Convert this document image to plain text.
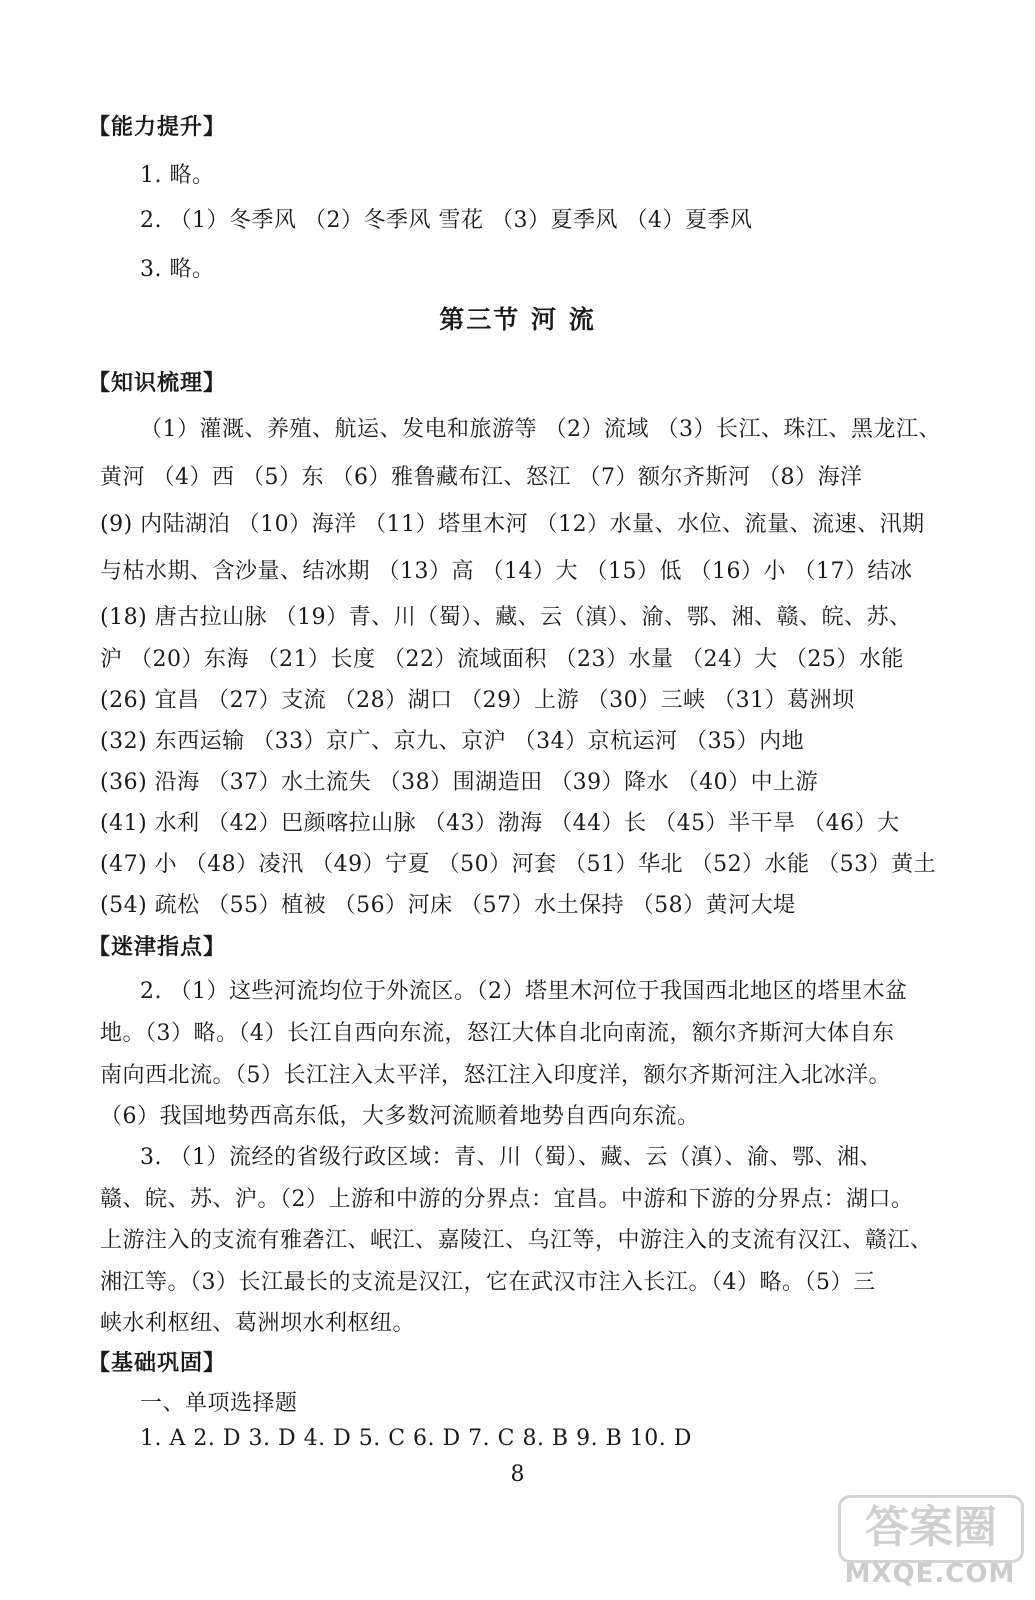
【能力提升】
1. 略。
2. （1）冬季风 （2）冬季风 雪花 （3）夏季风 （4）夏季风
3. 略。
第三节 河 流
【知识梳理】
（1）灌溉、养殖、航运、发电和旅游等 （2）流域 （3）长江、珠江、黑龙江、
黄河 （4）西 （5）东 （6）雅鲁藏布江、怒江 （7）额尔齐斯河 （8）海洋
(9) 内陆湖泊 （10）海洋 （11）塔里木河 （12）水量、水位、流量、流速、汛期
与枯水期、含沙量、结冰期 （13）高 （14）大 （15）低 （16）小 （17）结冰
(18) 唐古拉山脉 （19）青、川（蜀）、藏、云（滇）、渝、鄂、湘、赣、皖、苏、
沪 （20）东海 （21）长度 （22）流域面积 （23）水量 （24）大 （25）水能
(26) 宜昌 （27）支流 （28）湖口 （29）上游 （30）三峡 （31）葛洲坝
(32) 东西运输 （33）京广、京九、京沪 （34）京杭运河 （35）内地
(36) 沿海 （37）水土流失 （38）围湖造田 （39）降水 （40）中上游
(41) 水利 （42）巴颜喀拉山脉 （43）渤海 （44）长 （45）半干旱 （46）大
(47) 小 （48）凌汛 （49）宁夏 （50）河套 （51）华北 （52）水能 （53）黄土
(54) 疏松 （55）植被 （56）河床 （57）水土保持 （58）黄河大堤
【迷津指点】
2. （1）这些河流均位于外流区。（2）塔里木河位于我国西北地区的塔里木盆
地。（3）略。（4）长江自西向东流，怒江大体自北向南流，额尔齐斯河大体自东
南向西北流。（5）长江注入太平洋，怒江注入印度洋，额尔齐斯河注入北冰洋。
（6）我国地势西高东低，大多数河流顺着地势自西向东流。
3. （1）流经的省级行政区域：青、川（蜀）、藏、云（滇）、渝、鄂、湘、
赣、皖、苏、沪。（2）上游和中游的分界点：宜昌。中游和下游的分界点：湖口。
上游注入的支流有雅砻江、岷江、嘉陵江、乌江等，中游注入的支流有汉江、赣江、
湘江等。（3）长江最长的支流是汉江，它在武汉市注入长江。（4）略。（5）三
峡水利枢纽、葛洲坝水利枢纽。
【基础巩固】
一、单项选择题
1. A 2. D 3. D 4. D 5. C 6. D 7. C 8. B 9. B 10. D
8
答案圈
MXQE.COM
